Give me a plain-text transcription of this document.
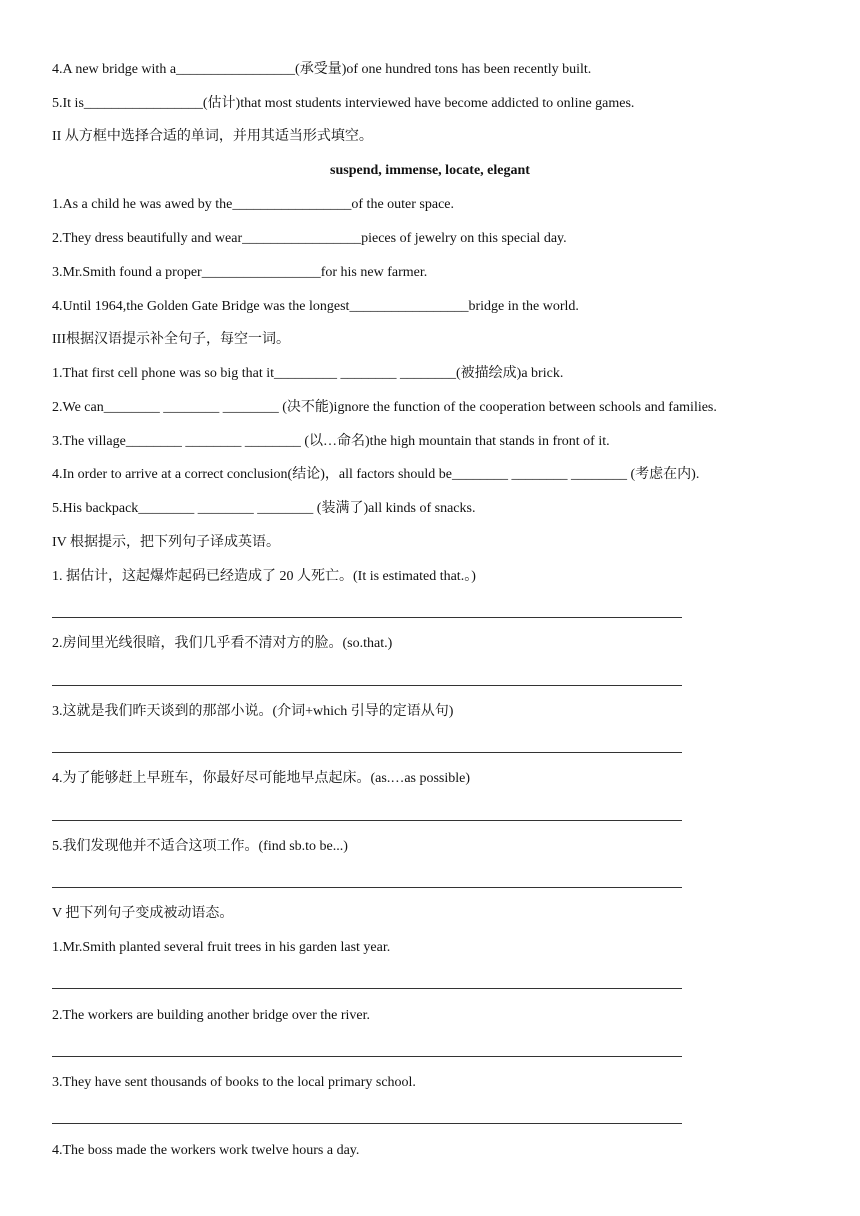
4.A new bridge with a_________________(承受量)of one hundred tons has been recently built.
5.It is_________________(估计)that most students interviewed have become addicted to online games.
II 从方框中选择合适的单词，并用其适当形式填空。
suspend, immense, locate, elegant
1.As a child he was awed by the_________________of the outer space.
2.They dress beautifully and wear_________________pieces of jewelry on this special day.
3.Mr.Smith found a proper_________________for his new farmer.
4.Until 1964,the Golden Gate Bridge was the longest_________________bridge in the world.
III根据汉语提示补全句子，每空一词。
1.That first cell phone was so big that it_________ ________ ________(被描绘成)a brick.
2.We can________ ________ ________ (决不能)ignore the function of the cooperation between schools and families.
3.The village________ ________ ________ (以…命名)the high mountain that stands in front of it.
4.In order to arrive at a correct conclusion(结论)，all factors should be________ ________ ________ (考虑在内).
5.His backpack________ ________ ________ (装满了)all kinds of snacks.
IV 根据提示，把下列句子译成英语。
1. 据估计，这起爆炸起码已经造成了 20 人死亡。(It is estimated that.。)
2.房间里光线很暗，我们几乎看不清对方的脸。(so.that.)
3.这就是我们昨天谈到的那部小说。(介词+which 引导的定语从句)
4.为了能够赶上早班车，你最好尽可能地早点起床。(as.…as possible)
5.我们发现他并不适合这项工作。(find sb.to be...)
V 把下列句子变成被动语态。
1.Mr.Smith planted several fruit trees in his garden last year.
2.The workers are building another bridge over the river.
3.They have sent thousands of books to the local primary school.
4.The boss made the workers work twelve hours a day.
